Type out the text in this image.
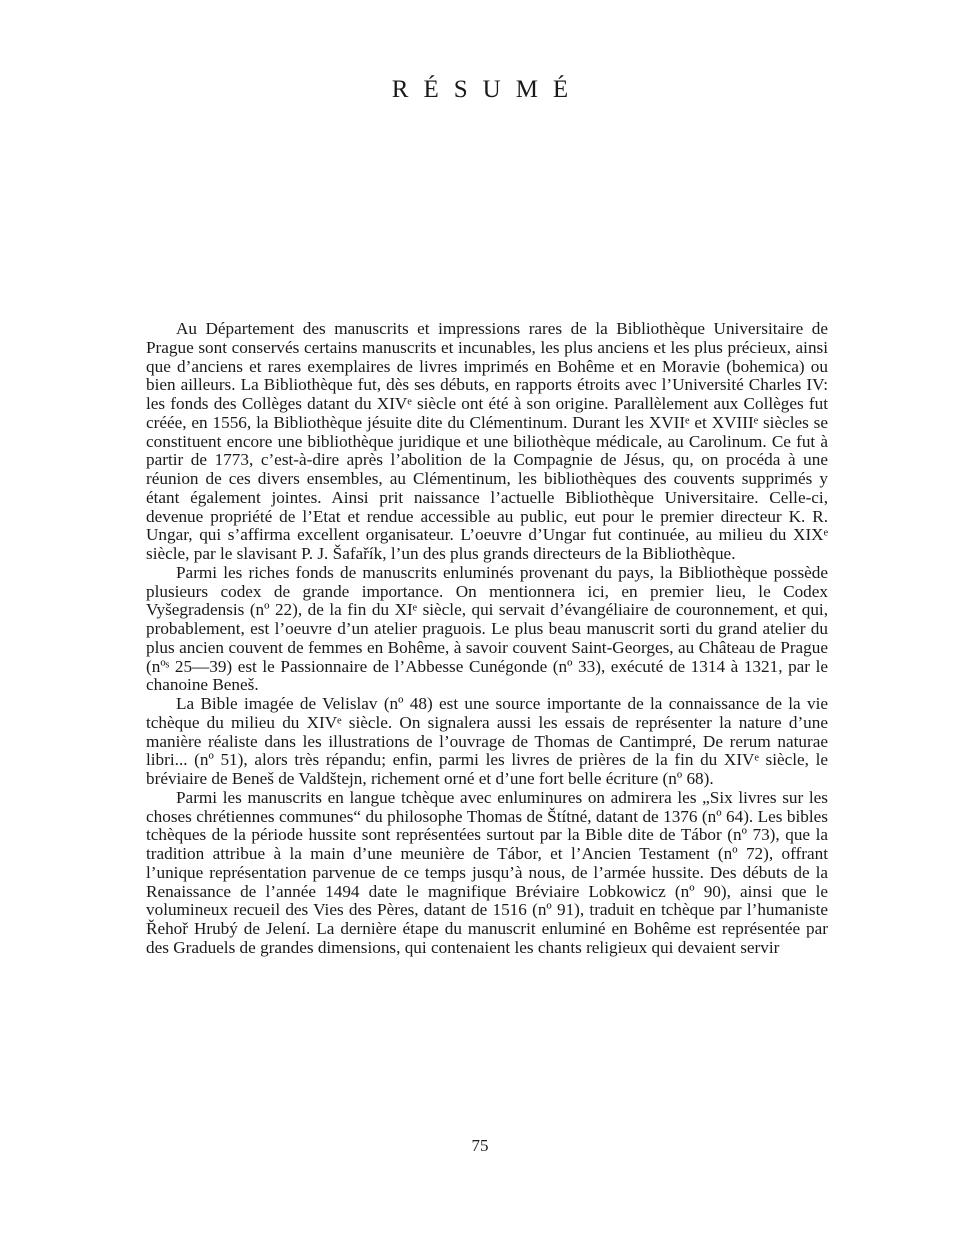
RÉSUMÉ

Au Département des manuscrits et impressions rares de la Bibliothèque Universitaire de Prague sont conservés certains manuscrits et incunables, les plus anciens et les plus précieux, ainsi que d’anciens et rares exemplaires de livres imprimés en Bohême et en Moravie (bohemica) ou bien ailleurs. La Bibliothèque fut, dès ses débuts, en rapports étroits avec l’Université Charles IV: les fonds des Collèges datant du XIVᵉ siècle ont été à son origine. Parallèlement aux Collèges fut créée, en 1556, la Bibliothèque jésuite dite du Clémentinum. Durant les XVIIᵉ et XVIIIᵉ siècles se constituent encore une bibliothèque juridique et une biliothèque médicale, au Carolinum. Ce fut à partir de 1773, c’est-à-dire après l’abolition de la Compagnie de Jésus, qu, on procéda à une réunion de ces divers ensembles, au Clémentinum, les bibliothèques des couvents supprimés y étant également jointes. Ainsi prit naissance l’actuelle Bibliothèque Universitaire. Celle-ci, devenue propriété de l’Etat et rendue accessible au public, eut pour le premier directeur K. R. Ungar, qui s’affirma excellent organisateur. L’oeuvre d’Ungar fut continuée, au milieu du XIXᵉ siècle, par le slavisant P. J. Šafařík, l’un des plus grands directeurs de la Bibliothèque.

Parmi les riches fonds de manuscrits enluminés provenant du pays, la Bibliothèque possède plusieurs codex de grande importance. On mentionnera ici, en premier lieu, le Codex Vyšegradensis (nº 22), de la fin du XIᵉ siècle, qui servait d’évangéliaire de couronnement, et qui, probablement, est l’oeuvre d’un atelier praguois. Le plus beau manuscrit sorti du grand atelier du plus ancien couvent de femmes en Bohême, à savoir couvent Saint-Georges, au Château de Prague (nºˢ 25—39) est le Passionnaire de l’Abbesse Cunégonde (nº 33), exécuté de 1314 à 1321, par le chanoine Beneš.

La Bible imagée de Velislav (nº 48) est une source importante de la connaissance de la vie tchèque du milieu du XIVᵉ siècle. On signalera aussi les essais de représenter la nature d’une manière réaliste dans les illustrations de l’ouvrage de Thomas de Cantimpré, De rerum naturae libri... (nº 51), alors très répandu; enfin, parmi les livres de prières de la fin du XIVᵉ siècle, le bréviaire de Beneš de Valdštejn, richement orné et d’une fort belle écriture (nº 68).

Parmi les manuscrits en langue tchèque avec enluminures on admirera les „Six livres sur les choses chrétiennes communes“ du philosophe Thomas de Štítné, datant de 1376 (nº 64). Les bibles tchèques de la période hussite sont représentées surtout par la Bible dite de Tábor (nº 73), que la tradition attribue à la main d’une meunière de Tábor, et l’Ancien Testament (nº 72), offrant l’unique représentation parvenue de ce temps jusqu’à nous, de l’armée hussite. Des débuts de la Renaissance de l’année 1494 date le magnifique Bréviaire Lobkowicz (nº 90), ainsi que le volumineux recueil des Vies des Pères, datant de 1516 (nº 91), traduit en tchèque par l’humaniste Řehoř Hrubý de Jelení. La dernière étape du manuscrit enluminé en Bohême est représentée par des Graduels de grandes dimensions, qui contenaient les chants religieux qui devaient servir

75
